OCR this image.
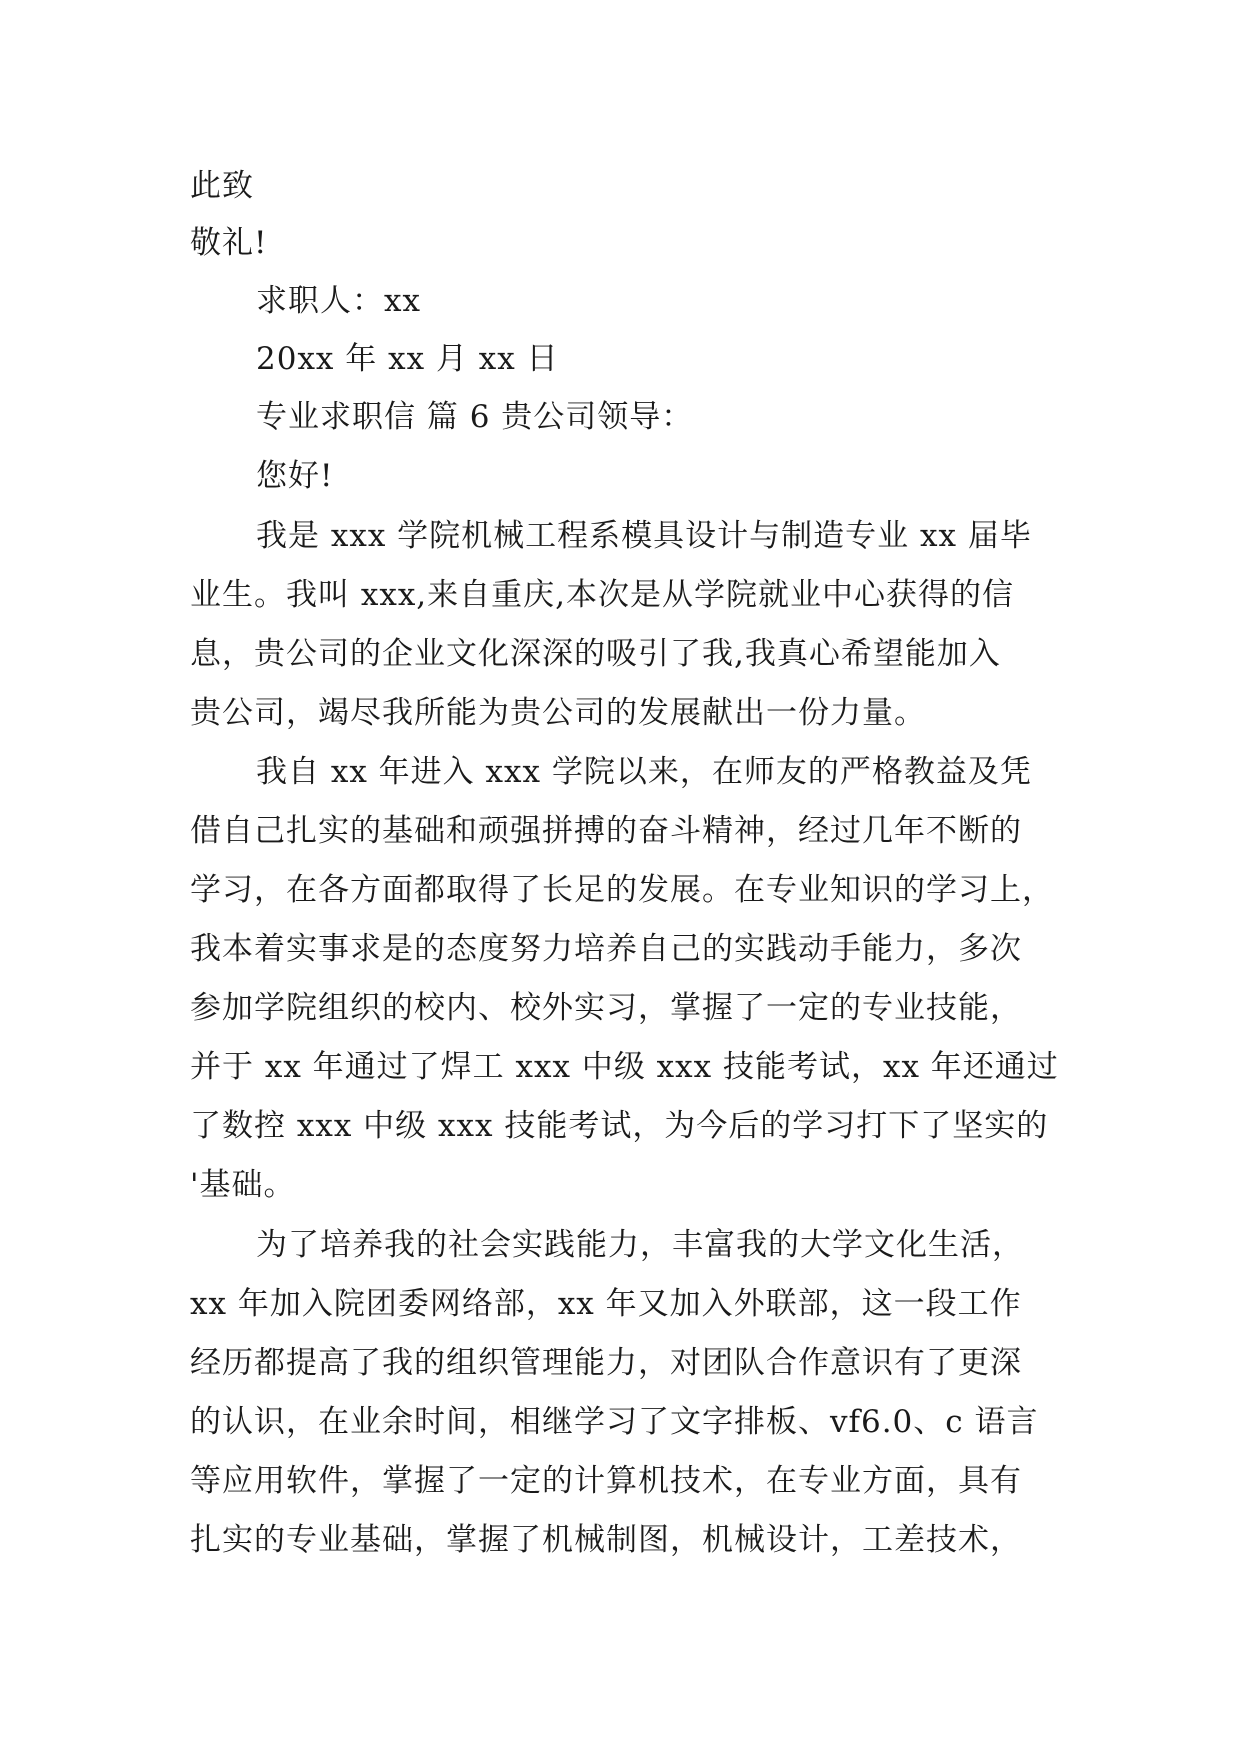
此致
敬礼!
求职人：xx
20xx 年 xx 月 xx 日
专业求职信 篇 6 贵公司领导：
您好!
我是 xxx 学院机械工程系模具设计与制造专业 xx 届毕
业生。我叫 xxx,来自重庆,本次是从学院就业中心获得的信
息，贵公司的企业文化深深的吸引了我,我真心希望能加入
贵公司，竭尽我所能为贵公司的发展献出一份力量。
我自 xx 年进入 xxx 学院以来，在师友的严格教益及凭
借自己扎实的基础和顽强拼搏的奋斗精神，经过几年不断的
学习，在各方面都取得了长足的发展。在专业知识的学习上，
我本着实事求是的态度努力培养自己的实践动手能力，多次
参加学院组织的校内、校外实习，掌握了一定的专业技能，
并于 xx 年通过了焊工 xxx 中级 xxx 技能考试，xx 年还通过
了数控 xxx 中级 xxx 技能考试，为今后的学习打下了坚实的
'基础。
为了培养我的社会实践能力，丰富我的大学文化生活，
xx 年加入院团委网络部，xx 年又加入外联部，这一段工作
经历都提高了我的组织管理能力，对团队合作意识有了更深
的认识，在业余时间，相继学习了文字排板、vf6.0、c 语言
等应用软件，掌握了一定的计算机技术，在专业方面，具有
扎实的专业基础，掌握了机械制图，机械设计，工差技术，
